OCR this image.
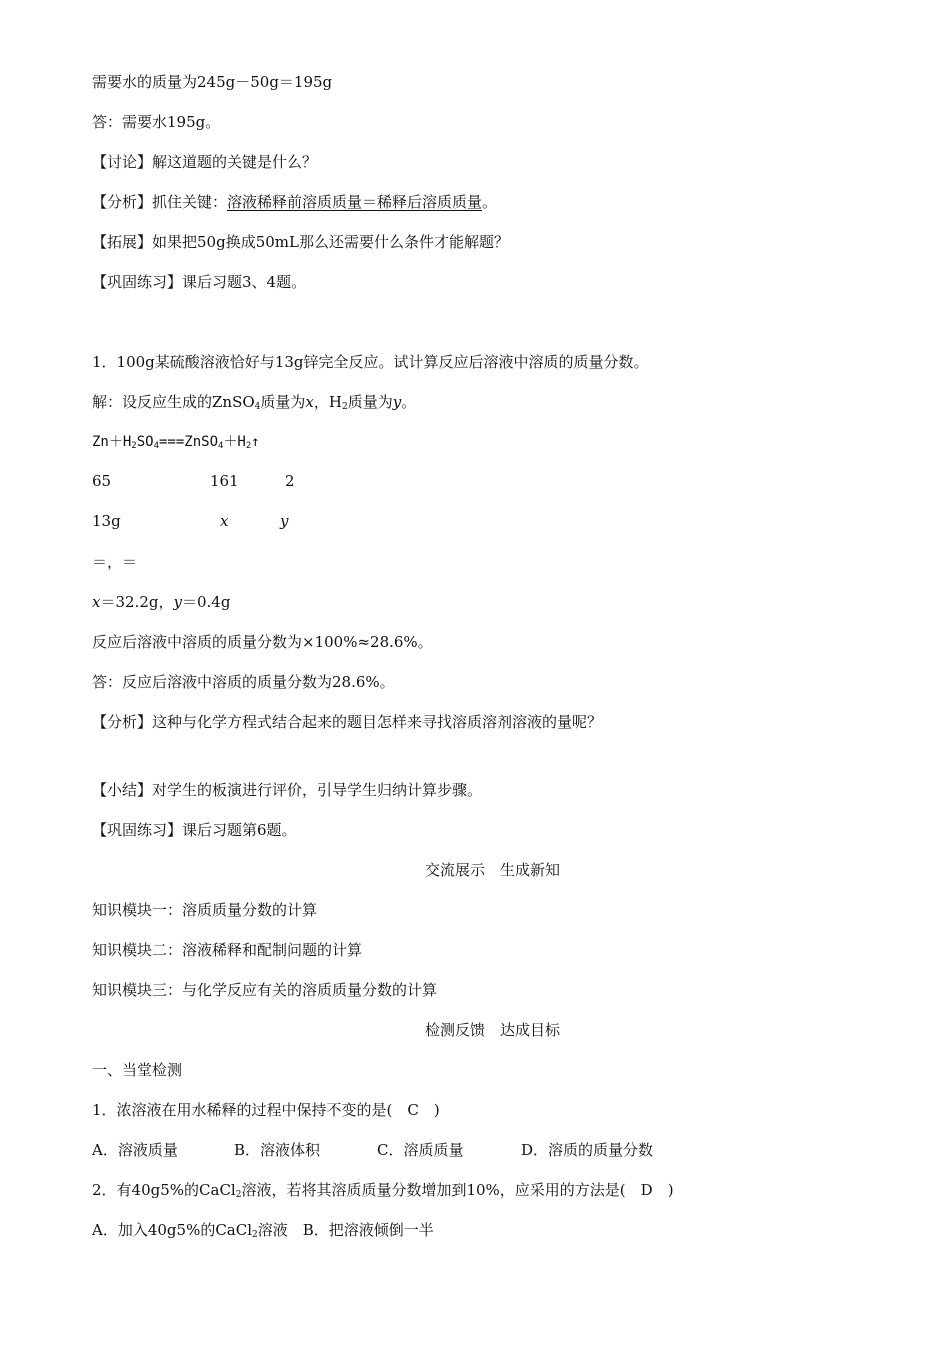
需要水的质量为245g－50g＝195g
答：需要水195g。
【讨论】解这道题的关键是什么？
【分析】抓住关键：溶液稀释前溶质质量＝稀释后溶质质量。
【拓展】如果把50g换成50mL那么还需要什么条件才能解题？
【巩固练习】课后习题3、4题。
1．100g某硫酸溶液恰好与13g锌完全反应。试计算反应后溶液中溶质的质量分数。
解：设反应生成的ZnSO$_4$质量为x，$H_2$质量为y。
$Zn+H_2SO_4===ZnSO_4+H_2↑$
65	161	2
13g	x	y
＝，＝
x＝32.2g，y＝0.4g
反应后溶液中溶质的质量分数为×100%≈28.6%。
答：反应后溶液中溶质的质量分数为28.6%。
【分析】这种与化学方程式结合起来的题目怎样来寻找溶质溶剂溶液的量呢？
【小结】对学生的板演进行评价，引导学生归纳计算步骤。
【巩固练习】课后习题第6题。
交流展示　生成新知
知识模块一：溶质质量分数的计算
知识模块二：溶液稀释和配制问题的计算
知识模块三：与化学反应有关的溶质质量分数的计算
检测反馈　达成目标
一、当堂检测
1．浓溶液在用水稀释的过程中保持不变的是(　C　)
A．溶液质量	B．溶液体积	C．溶质质量	D．溶质的质量分数
2．有40g5%的CaCl$_2$溶液，若将其溶质质量分数增加到10%，应采用的方法是(　D　)
A．加入40g5%的CaCl$_2$溶液　B．把溶液倾倒一半
